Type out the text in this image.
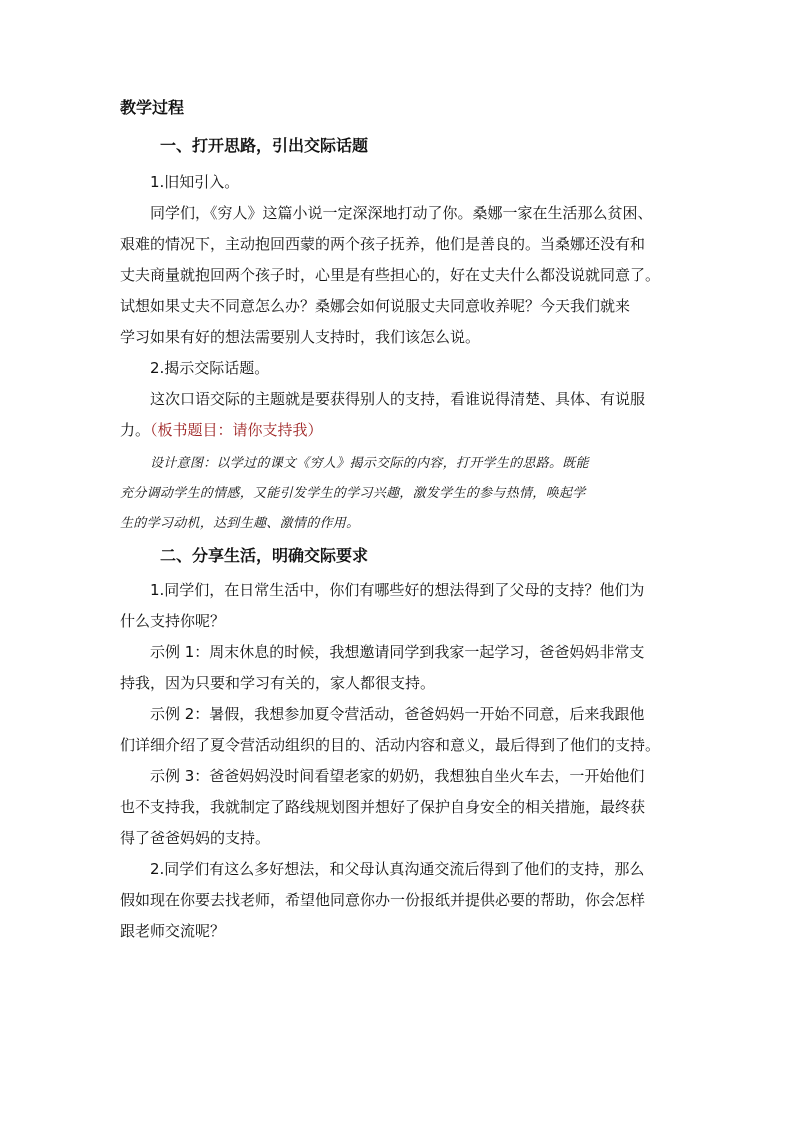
教学过程
一、打开思路，引出交际话题
1.旧知引入。
同学们，《穷人》这篇小说一定深深地打动了你。桑娜一家在生活那么贫困、
艰难的情况下，主动抱回西蒙的两个孩子抚养，他们是善良的。当桑娜还没有和
丈夫商量就抱回两个孩子时，心里是有些担心的，好在丈夫什么都没说就同意了。
试想如果丈夫不同意怎么办？桑娜会如何说服丈夫同意收养呢？今天我们就来
学习如果有好的想法需要别人支持时，我们该怎么说。
2.揭示交际话题。
这次口语交际的主题就是要获得别人的支持，看谁说得清楚、具体、有说服
力。（板书题目：请你支持我）
设计意图：以学过的课文《穷人》揭示交际的内容，打开学生的思路。既能
充分调动学生的情感，又能引发学生的学习兴趣，激发学生的参与热情，唤起学
生的学习动机，达到生趣、激情的作用。
二、分享生活，明确交际要求
1.同学们，在日常生活中，你们有哪些好的想法得到了父母的支持？他们为
什么支持你呢？
示例 1：周末休息的时候，我想邀请同学到我家一起学习，爸爸妈妈非常支
持我，因为只要和学习有关的，家人都很支持。
示例 2：暑假，我想参加夏令营活动，爸爸妈妈一开始不同意，后来我跟他
们详细介绍了夏令营活动组织的目的、活动内容和意义，最后得到了他们的支持。
示例 3：爸爸妈妈没时间看望老家的奶奶，我想独自坐火车去，一开始他们
也不支持我，我就制定了路线规划图并想好了保护自身安全的相关措施，最终获
得了爸爸妈妈的支持。
2.同学们有这么多好想法，和父母认真沟通交流后得到了他们的支持，那么
假如现在你要去找老师，希望他同意你办一份报纸并提供必要的帮助，你会怎样
跟老师交流呢？
